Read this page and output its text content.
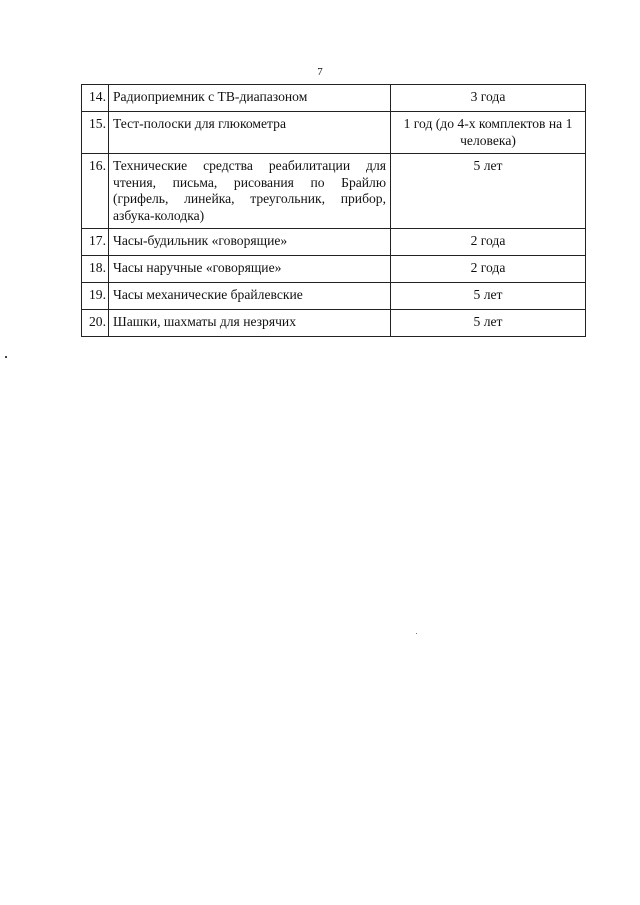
7
14.	Радиоприемник с ТВ-диапазоном	3 года
15.	Тест-полоски для глюкометра	1 год (до 4-х комплектов на 1 человека)
16.	Технические средства реабилитации для чтения, письма, рисования по Брайлю (грифель, линейка, треугольник, прибор, азбука-колодка)	5 лет
17.	Часы-будильник «говорящие»	2 года
18.	Часы наручные «говорящие»	2 года
19.	Часы механические брайлевские	5 лет
20.	Шашки, шахматы для незрячих	5 лет
